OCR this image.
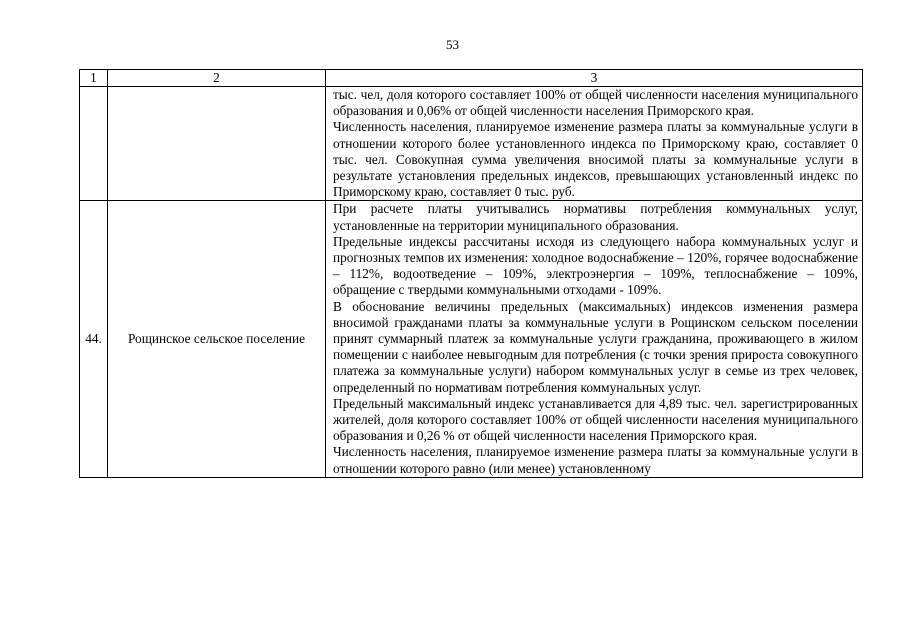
53
1	2	3

		тыс. чел, доля которого составляет 100% от общей численности населения муниципального образования и 0,06% от общей численности населения Приморского края.

Численность населения, планируемое изменение размера платы за коммунальные услуги в отношении которого более установленного индекса по Приморскому краю, составляет 0 тыс. чел. Совокупная сумма увеличения вносимой платы за коммунальные услуги в результате установления предельных индексов, превышающих установленный индекс по Приморскому краю, составляет 0 тыс. руб.

44.	Рощинское сельское поселение	При расчете платы учитывались нормативы потребления коммунальных услуг, установленные на территории муниципального образования.

Предельные индексы рассчитаны исходя из следующего набора коммунальных услуг и прогнозных темпов их изменения: холодное водоснабжение – 120%, горячее водоснабжение – 112%, водоотведение – 109%, электроэнергия – 109%, теплоснабжение – 109%, обращение с твердыми коммунальными отходами - 109%.

В обоснование величины предельных (максимальных) индексов изменения размера вносимой гражданами платы за коммунальные услуги в Рощинском сельском поселении принят суммарный платеж за коммунальные услуги гражданина, проживающего в жилом помещении с наиболее невыгодным для потребления (с точки зрения прироста совокупного платежа за коммунальные услуги) набором коммунальных услуг в семье из трех человек, определенный по нормативам потребления коммунальных услуг.

Предельный максимальный индекс устанавливается для 4,89 тыс. чел. зарегистрированных жителей, доля которого составляет 100% от общей численности населения муниципального образования и 0,26 % от общей численности населения Приморского края.

Численность населения, планируемое изменение размера платы за коммунальные услуги в отношении которого равно (или менее) установленному
